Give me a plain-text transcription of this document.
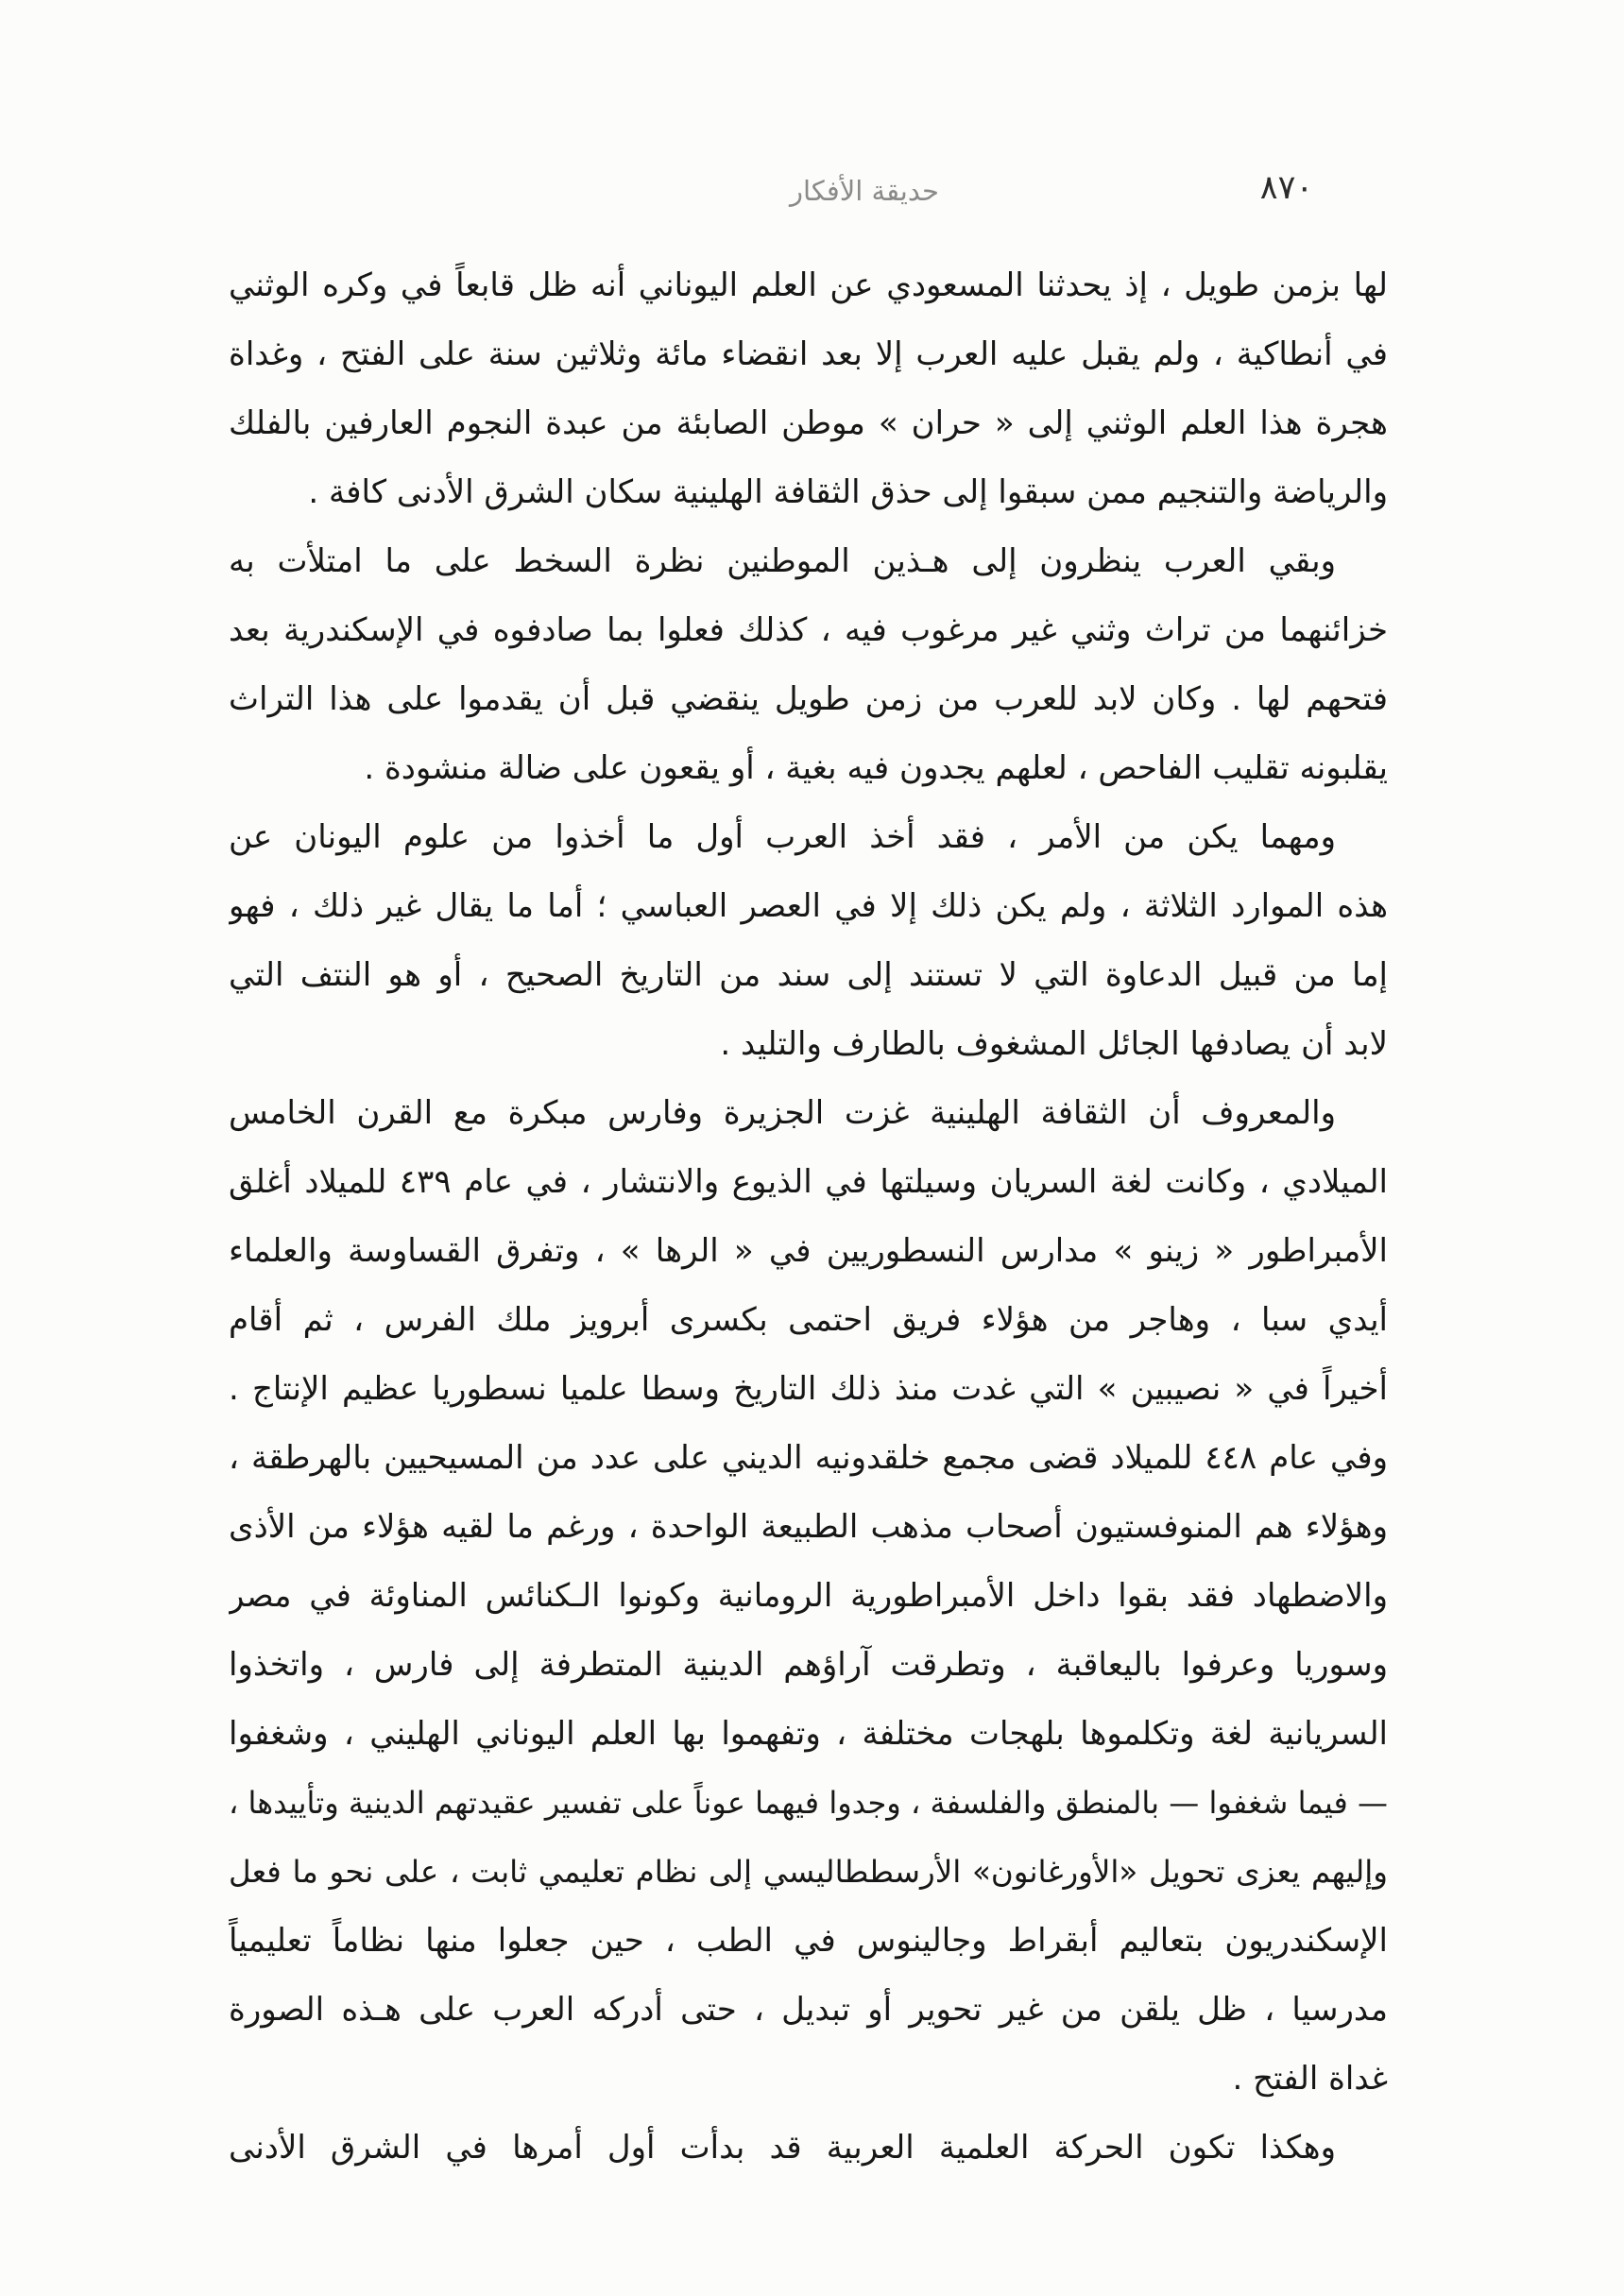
حديقة الأفكار	٨٧٠
لها بزمن طويل ، إذ يحدثنا المسعودي عن العلم اليوناني أنه ظل قابعاً في وكره الوثني
في أنطاكية ، ولم يقبل عليه العرب إلا بعد انقضاء مائة وثلاثين سنة على الفتح ، وغداة
هجرة هذا العلم الوثني إلى « حران » موطن الصابئة من عبدة النجوم العارفين بالفلك
والرياضة والتنجيم ممن سبقوا إلى حذق الثقافة الهلينية سكان الشرق الأدنى كافة .
وبقي العرب ينظرون إلى هـذين الموطنين نظرة السخط على ما امتلأت به
خزائنهما من تراث وثني غير مرغوب فيه ، كذلك فعلوا بما صادفوه في الإسكندرية بعد
فتحهم لها . وكان لابد للعرب من زمن طويل ينقضي قبل أن يقدموا على هذا التراث
يقلبونه تقليب الفاحص ، لعلهم يجدون فيه بغية ، أو يقعون على ضالة منشودة .
ومهما يكن من الأمر ، فقد أخذ العرب أول ما أخذوا من علوم اليونان عن
هذه الموارد الثلاثة ، ولم يكن ذلك إلا في العصر العباسي ؛ أما ما يقال غير ذلك ، فهو
إما من قبيل الدعاوة التي لا تستند إلى سند من التاريخ الصحيح ، أو هو النتف التي
لابد أن يصادفها الجائل المشغوف بالطارف والتليد .
والمعروف أن الثقافة الهلينية غزت الجزيرة وفارس مبكرة مع القرن الخامس
الميلادي ، وكانت لغة السريان وسيلتها في الذيوع والانتشار ، في عام ٤٣٩ للميلاد أغلق
الأمبراطور « زينو » مدارس النسطوريين في « الرها » ، وتفرق القساوسة والعلماء
أيدي سبا ، وهاجر من هؤلاء فريق احتمى بكسرى أبرويز ملك الفرس ، ثم أقام
أخيراً في « نصيبين » التي غدت منذ ذلك التاريخ وسطا علميا نسطوريا عظيم الإنتاج .
وفي عام ٤٤٨ للميلاد قضى مجمع خلقدونيه الديني على عدد من المسيحيين بالهرطقة ،
وهؤلاء هم المنوفستيون أصحاب مذهب الطبيعة الواحدة ، ورغم ما لقيه هؤلاء من الأذى
والاضطهاد فقد بقوا داخل الأمبراطورية الرومانية وكونوا الـكنائس المناوئة في مصر
وسوريا وعرفوا باليعاقبة ، وتطرقت آراؤهم الدينية المتطرفة إلى فارس ، واتخذوا
السريانية لغة وتكلموها بلهجات مختلفة ، وتفهموا بها العلم اليوناني الهليني ، وشغفوا
— فيما شغفوا — بالمنطق والفلسفة ، وجدوا فيهما عوناً على تفسير عقيدتهم الدينية وتأييدها ،
وإليهم يعزى تحويل «الأورغانون» الأرسططاليسي إلى نظام تعليمي ثابت ، على نحو ما فعل
الإسكندريون بتعاليم أبقراط وجالينوس في الطب ، حين جعلوا منها نظاماً تعليمياً
مدرسيا ، ظل يلقن من غير تحوير أو تبديل ، حتى أدركه العرب على هـذه الصورة
غداة الفتح .
وهكذا تكون الحركة العلمية العربية قد بدأت أول أمرها في الشرق الأدنى
